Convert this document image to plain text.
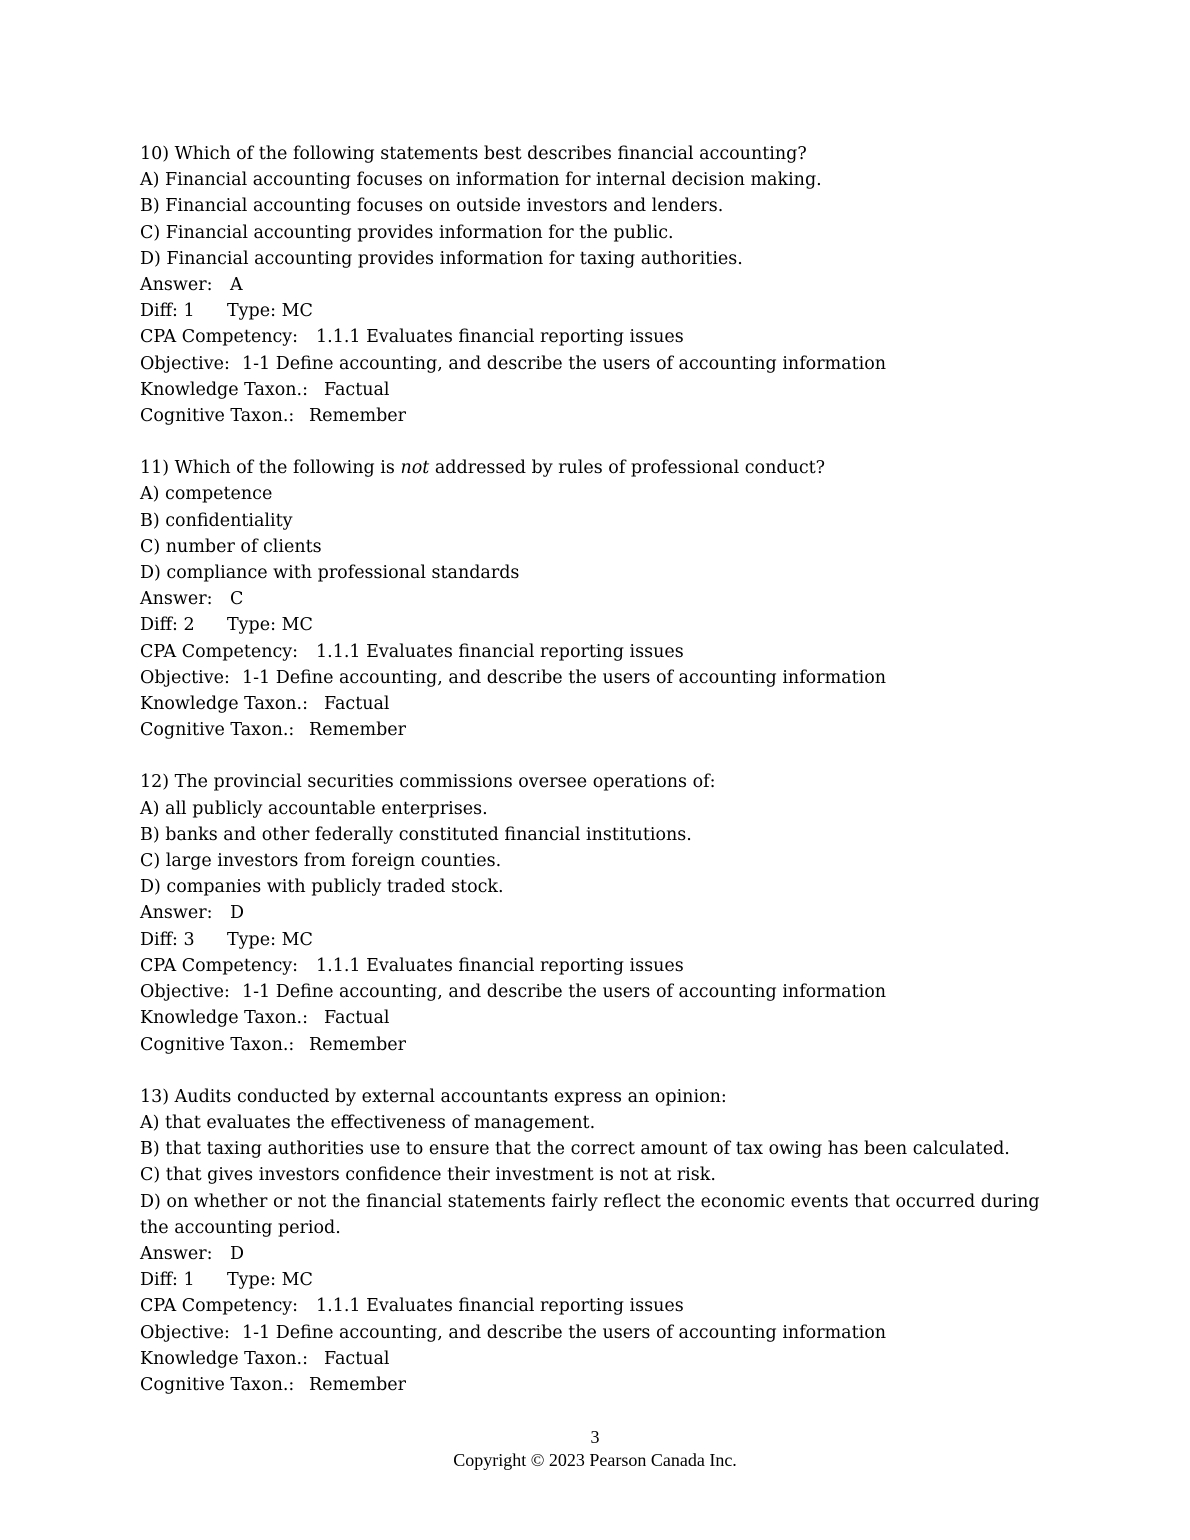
10) Which of the following statements best describes financial accounting?
A) Financial accounting focuses on information for internal decision making.
B) Financial accounting focuses on outside investors and lenders.
C) Financial accounting provides information for the public.
D) Financial accounting provides information for taxing authorities.
Answer: A
Diff: 1 Type: MC
CPA Competency: 1.1.1 Evaluates financial reporting issues
Objective: 1-1 Define accounting, and describe the users of accounting information
Knowledge Taxon.: Factual
Cognitive Taxon.: Remember
11) Which of the following is not addressed by rules of professional conduct?
A) competence
B) confidentiality
C) number of clients
D) compliance with professional standards
Answer: C
Diff: 2 Type: MC
CPA Competency: 1.1.1 Evaluates financial reporting issues
Objective: 1-1 Define accounting, and describe the users of accounting information
Knowledge Taxon.: Factual
Cognitive Taxon.: Remember
12) The provincial securities commissions oversee operations of:
A) all publicly accountable enterprises.
B) banks and other federally constituted financial institutions.
C) large investors from foreign counties.
D) companies with publicly traded stock.
Answer: D
Diff: 3 Type: MC
CPA Competency: 1.1.1 Evaluates financial reporting issues
Objective: 1-1 Define accounting, and describe the users of accounting information
Knowledge Taxon.: Factual
Cognitive Taxon.: Remember
13) Audits conducted by external accountants express an opinion:
A) that evaluates the effectiveness of management.
B) that taxing authorities use to ensure that the correct amount of tax owing has been calculated.
C) that gives investors confidence their investment is not at risk.
D) on whether or not the financial statements fairly reflect the economic events that occurred during the accounting period.
Answer: D
Diff: 1 Type: MC
CPA Competency: 1.1.1 Evaluates financial reporting issues
Objective: 1-1 Define accounting, and describe the users of accounting information
Knowledge Taxon.: Factual
Cognitive Taxon.: Remember
3
Copyright © 2023 Pearson Canada Inc.
